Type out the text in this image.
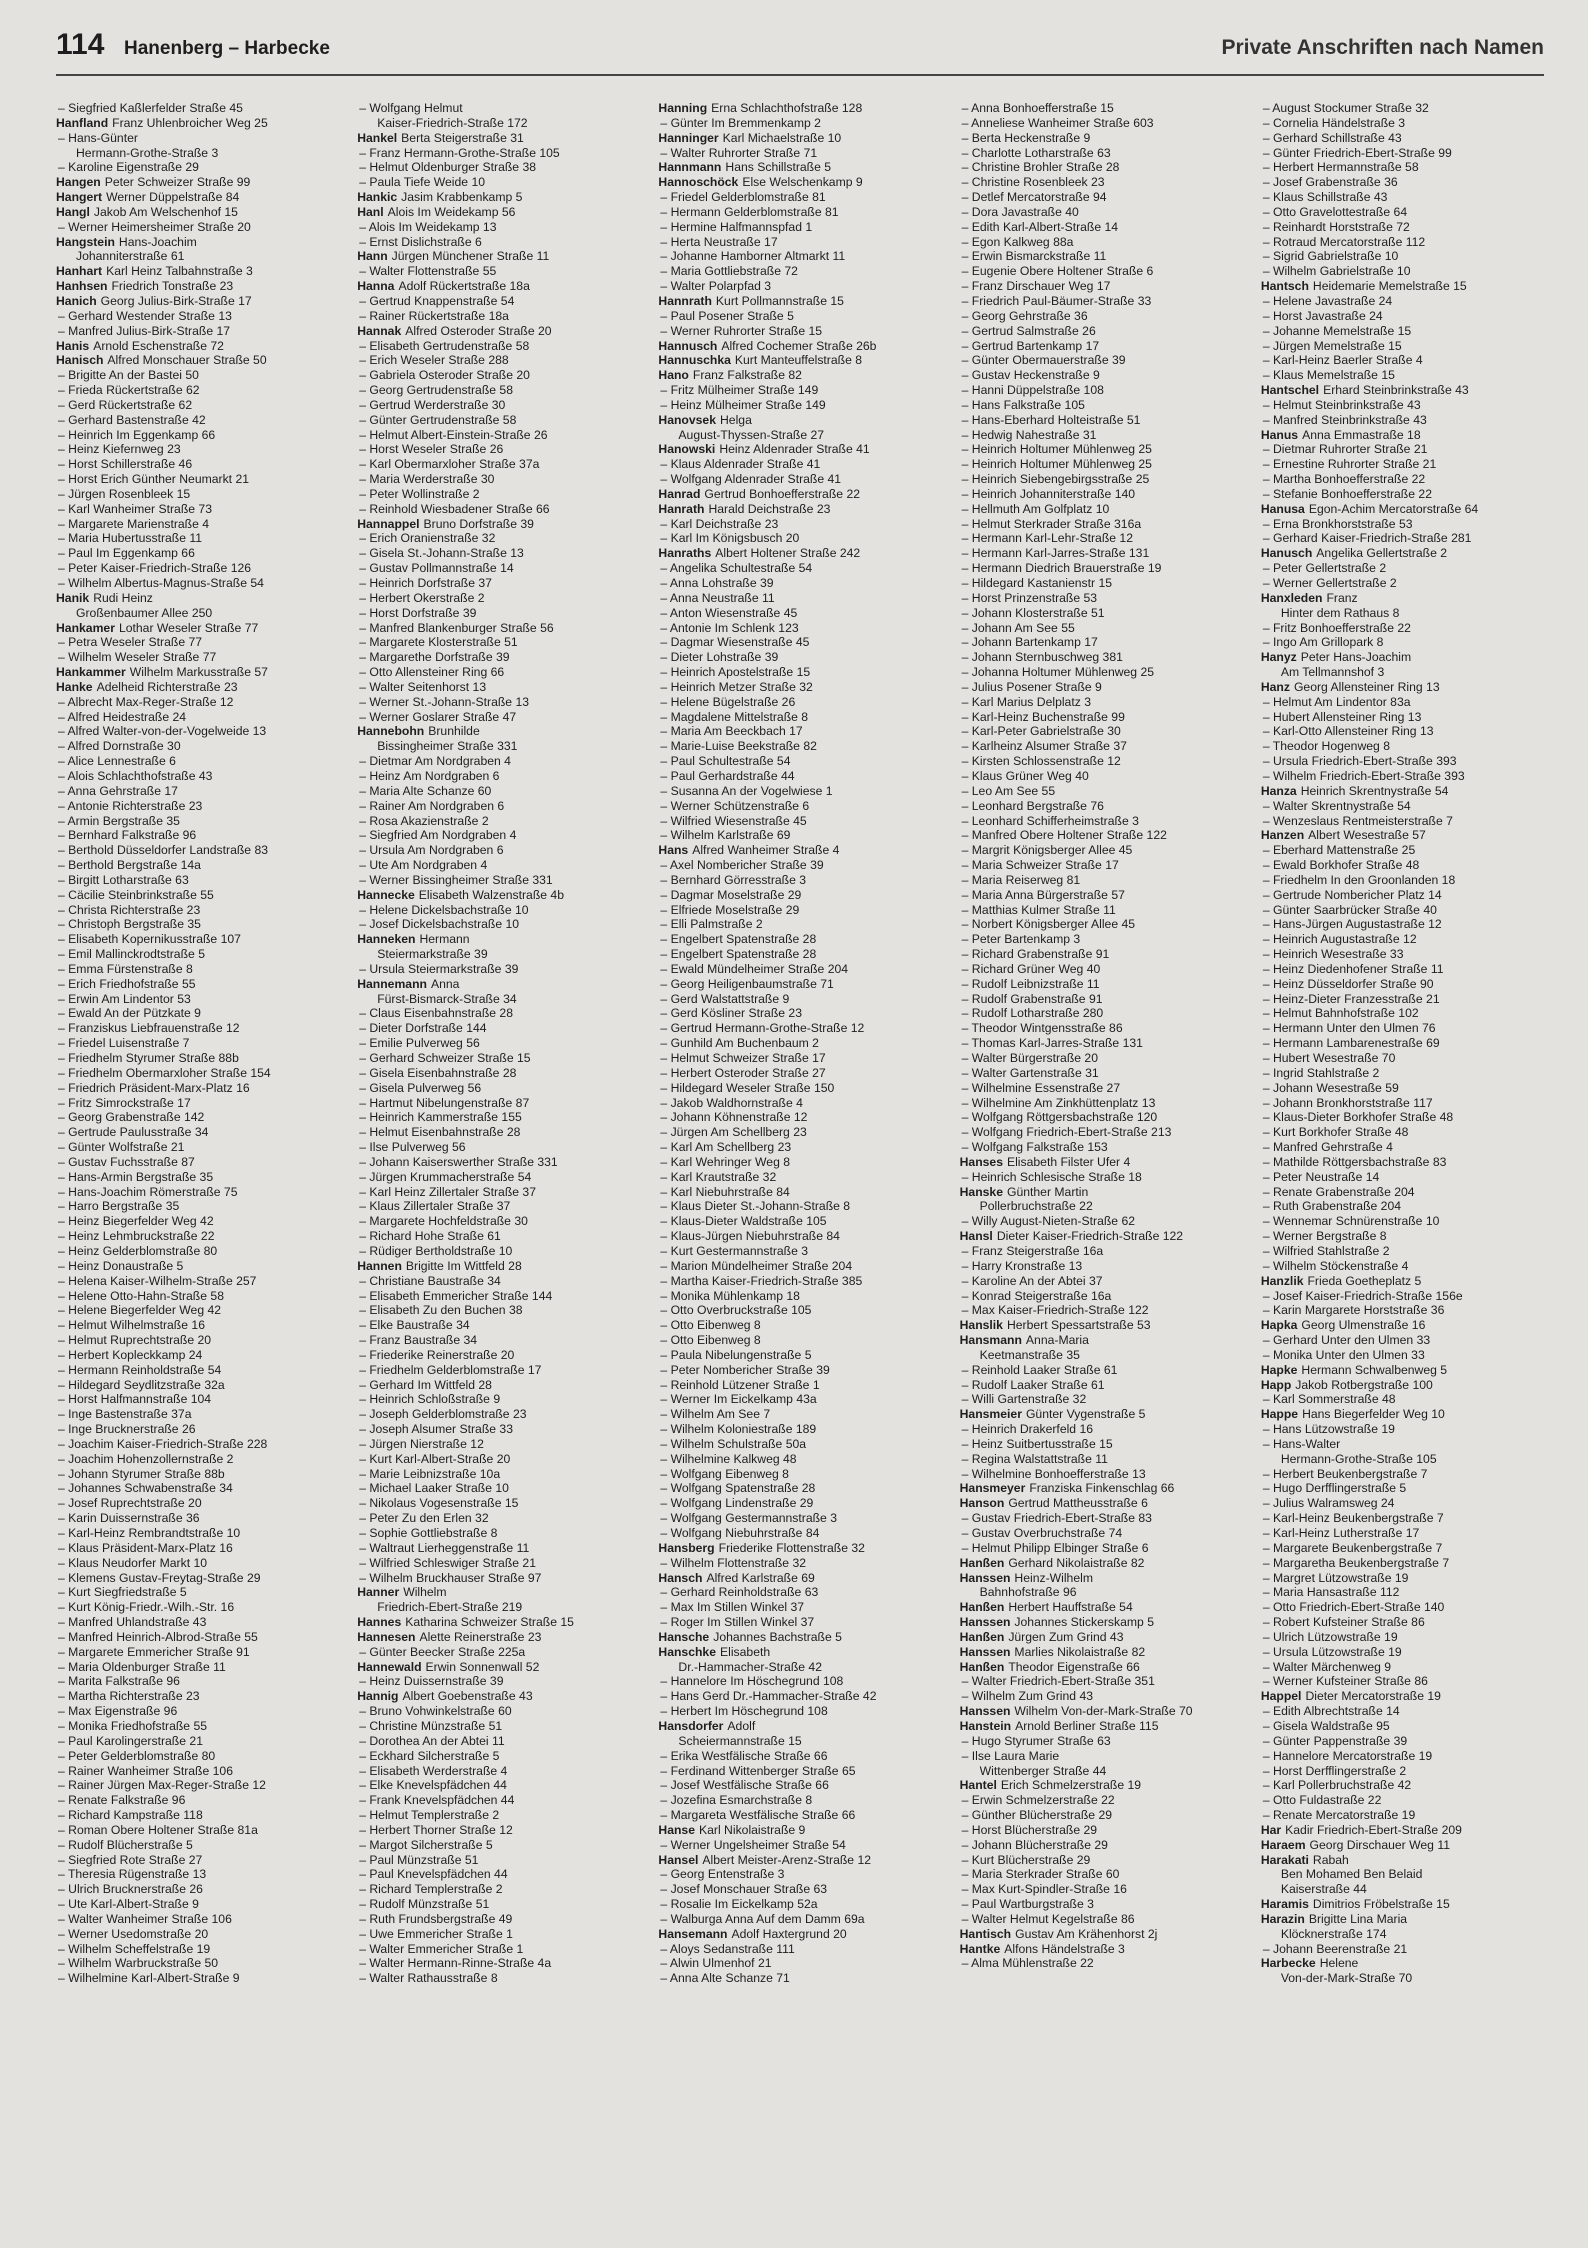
114 Hanenberg – Harbecke	Private Anschriften nach Namen
– Siegfried Kaßlerfelder Straße 45
Hanfland Franz Uhlenbroicher Weg 25
– Hans-Günter
Hermann-Grothe-Straße 3
– Karoline Eigenstraße 29
Hangen Peter Schweizer Straße 99
Hangert Werner Düppelstraße 84
Hangl Jakob Am Welschenhof 15
– Werner Heimersheimer Straße 20
Hangstein Hans-Joachim
Johanniterstraße 61
Hanhart Karl Heinz Talbahnstraße 3
Hanhsen Friedrich Tonstraße 23
Hanich Georg Julius-Birk-Straße 17
– Gerhard Westender Straße 13
– Manfred Julius-Birk-Straße 17
Hanis Arnold Eschenstraße 72
Hanisch Alfred Monschauer Straße 50
– Brigitte An der Bastei 50
– Frieda Rückertstraße 62
– Gerd Rückertstraße 62
– Gerhard Bastenstraße 42
– Heinrich Im Eggenkamp 66
– Heinz Kiefernweg 23
– Horst Schillerstraße 46
– Horst Erich Günther Neumarkt 21
– Jürgen Rosenbleek 15
– Karl Wanheimer Straße 73
– Margarete Marienstraße 4
– Maria Hubertusstraße 11
– Paul Im Eggenkamp 66
– Peter Kaiser-Friedrich-Straße 126
– Wilhelm Albertus-Magnus-Straße 54
Hanik Rudi Heinz
Großenbaumer Allee 250
Hankamer Lothar Weseler Straße 77
– Petra Weseler Straße 77
– Wilhelm Weseler Straße 77
Hankammer Wilhelm Markusstraße 57
Hanke Adelheid Richterstraße 23
– Albrecht Max-Reger-Straße 12
– Alfred Heidestraße 24
– Alfred Walter-von-der-Vogelweide 13
– Alfred Dornstraße 30
– Alice Lennestraße 6
– Alois Schlachthofstraße 43
– Anna Gehrstraße 17
– Antonie Richterstraße 23
– Armin Bergstraße 35
– Bernhard Falkstraße 96
– Berthold Düsseldorfer Landstraße 83
– Berthold Bergstraße 14a
– Birgitt Lotharstraße 63
– Cäcilie Steinbrinkstraße 55
– Christa Richterstraße 23
– Christoph Bergstraße 35
– Elisabeth Kopernikusstraße 107
– Emil Mallinckrodtstraße 5
– Emma Fürstenstraße 8
– Erich Friedhofstraße 55
– Erwin Am Lindentor 53
– Ewald An der Pützkate 9
– Franziskus Liebfrauenstraße 12
– Friedel Luisenstraße 7
– Friedhelm Styrumer Straße 88b
– Friedhelm Obermarxloher Straße 154
– Friedrich Präsident-Marx-Platz 16
– Fritz Simrockstraße 17
– Georg Grabenstraße 142
– Gertrude Paulusstraße 34
– Günter Wolfstraße 21
– Gustav Fuchsstraße 87
– Hans-Armin Bergstraße 35
– Hans-Joachim Römerstraße 75
– Harro Bergstraße 35
– Heinz Biegerfelder Weg 42
– Heinz Lehmbruckstraße 22
– Heinz Gelderblomstraße 80
– Heinz Donaustraße 5
– Helena Kaiser-Wilhelm-Straße 257
– Helene Otto-Hahn-Straße 58
– Helene Biegerfelder Weg 42
– Helmut Wilhelmstraße 16
– Helmut Ruprechtstraße 20
– Herbert Kopleckkamp 24
– Hermann Reinholdstraße 54
– Hildegard Seydlitzstraße 32a
– Horst Halfmannstraße 104
– Inge Bastenstraße 37a
– Inge Brucknerstraße 26
– Joachim Kaiser-Friedrich-Straße 228
– Joachim Hohenzollernstraße 2
– Johann Styrumer Straße 88b
– Johannes Schwabenstraße 34
– Josef Ruprechtstraße 20
– Karin Duissernstraße 36
– Karl-Heinz Rembrandtstraße 10
– Klaus Präsident-Marx-Platz 16
– Klaus Neudorfer Markt 10
– Klemens Gustav-Freytag-Straße 29
– Kurt Siegfriedstraße 5
– Kurt König-Friedr.-Wilh.-Str. 16
– Manfred Uhlandstraße 43
– Manfred Heinrich-Albrod-Straße 55
– Margarete Emmericher Straße 91
– Maria Oldenburger Straße 11
– Marita Falkstraße 96
– Martha Richterstraße 23
– Max Eigenstraße 96
– Monika Friedhofstraße 55
– Paul Karolingerstraße 21
– Peter Gelderblomstraße 80
– Rainer Wanheimer Straße 106
– Rainer Jürgen Max-Reger-Straße 12
– Renate Falkstraße 96
– Richard Kampstraße 118
– Roman Obere Holtener Straße 81a
– Rudolf Blücherstraße 5
– Siegfried Rote Straße 27
– Theresia Rügenstraße 13
– Ulrich Brucknerstraße 26
– Ute Karl-Albert-Straße 9
– Walter Wanheimer Straße 106
– Werner Usedomstraße 20
– Wilhelm Scheffelstraße 19
– Wilhelm Warbruckstraße 50
– Wilhelmine Karl-Albert-Straße 9
– Wolfgang Helmut
Kaiser-Friedrich-Straße 172
Hankel Berta Steigerstraße 31
– Franz Hermann-Grothe-Straße 105
– Helmut Oldenburger Straße 38
– Paula Tiefe Weide 10
Hankic Jasim Krabbenkamp 5
Hanl Alois Im Weidekamp 56
– Alois Im Weidekamp 13
– Ernst Dislichstraße 6
Hann Jürgen Münchener Straße 11
– Walter Flottenstraße 55
Hanna Adolf Rückertstraße 18a
– Gertrud Knappenstraße 54
– Rainer Rückertstraße 18a
Hannak Alfred Osteroder Straße 20
– Elisabeth Gertrudenstraße 58
– Erich Weseler Straße 288
– Gabriela Osteroder Straße 20
– Georg Gertrudenstraße 58
– Gertrud Werderstraße 30
– Günter Gertrudenstraße 58
– Helmut Albert-Einstein-Straße 26
– Horst Weseler Straße 26
– Karl Obermarxloher Straße 37a
– Maria Werderstraße 30
– Peter Wollinstraße 2
– Reinhold Wiesbadener Straße 66
Hannappel Bruno Dorfstraße 39
– Erich Oranienstraße 32
– Gisela St.-Johann-Straße 13
– Gustav Pollmannstraße 14
– Heinrich Dorfstraße 37
– Herbert Okerstraße 2
– Horst Dorfstraße 39
– Manfred Blankenburger Straße 56
– Margarete Klosterstraße 51
– Margarethe Dorfstraße 39
– Otto Allensteiner Ring 66
– Walter Seitenhorst 13
– Werner St.-Johann-Straße 13
– Werner Goslarer Straße 47
Hannebohn Brunhilde
Bissingheimer Straße 331
– Dietmar Am Nordgraben 4
– Heinz Am Nordgraben 6
– Maria Alte Schanze 60
– Rainer Am Nordgraben 6
– Rosa Akazienstraße 2
– Siegfried Am Nordgraben 4
– Ursula Am Nordgraben 6
– Ute Am Nordgraben 4
– Werner Bissingheimer Straße 331
Hannecke Elisabeth Walzenstraße 4b
– Helene Dickelsbachstraße 10
– Josef Dickelsbachstraße 10
Hanneken Hermann
Steiermarkstraße 39
– Ursula Steiermarkstraße 39
Hannemann Anna
Fürst-Bismarck-Straße 34
– Claus Eisenbahnstraße 28
– Dieter Dorfstraße 144
– Emilie Pulverweg 56
– Gerhard Schweizer Straße 15
– Gisela Eisenbahnstraße 28
– Gisela Pulverweg 56
– Hartmut Nibelungenstraße 87
– Heinrich Kammerstraße 155
– Helmut Eisenbahnstraße 28
– Ilse Pulverweg 56
– Johann Kaiserswerther Straße 331
– Jürgen Krummacherstraße 54
– Karl Heinz Zillertaler Straße 37
– Klaus Zillertaler Straße 37
– Margarete Hochfeldstraße 30
– Richard Hohe Straße 61
– Rüdiger Bertholdstraße 10
Hannen Brigitte Im Wittfeld 28
– Christiane Baustraße 34
– Elisabeth Emmericher Straße 144
– Elisabeth Zu den Buchen 38
– Elke Baustraße 34
– Franz Baustraße 34
– Friederike Reinerstraße 20
– Friedhelm Gelderblomstraße 17
– Gerhard Im Wittfeld 28
– Heinrich Schloßstraße 9
– Joseph Gelderblomstraße 23
– Joseph Alsumer Straße 33
– Jürgen Nierstraße 12
– Kurt Karl-Albert-Straße 20
– Marie Leibnizstraße 10a
– Michael Laaker Straße 10
– Nikolaus Vogesenstraße 15
– Peter Zu den Erlen 32
– Sophie Gottliebstraße 8
– Waltraut Lierheggenstraße 11
– Wilfried Schleswiger Straße 21
– Wilhelm Bruckhauser Straße 97
Hanner Wilhelm
Friedrich-Ebert-Straße 219
Hannes Katharina Schweizer Straße 15
Hannesen Alette Reinerstraße 23
– Günter Beecker Straße 225a
Hannewald Erwin Sonnenwall 52
– Heinz Duissernstraße 39
Hannig Albert Goebenstraße 43
– Bruno Vohwinkelstraße 60
– Christine Münzstraße 51
– Dorothea An der Abtei 11
– Eckhard Silcherstraße 5
– Elisabeth Werderstraße 4
– Elke Knevelspfädchen 44
– Frank Knevelspfädchen 44
– Helmut Templerstraße 2
– Herbert Thorner Straße 12
– Margot Silcherstraße 5
– Paul Münzstraße 51
– Paul Knevelspfädchen 44
– Richard Templerstraße 2
– Rudolf Münzstraße 51
– Ruth Frundsbergstraße 49
– Uwe Emmericher Straße 1
– Walter Emmericher Straße 1
– Walter Hermann-Rinne-Straße 4a
– Walter Rathausstraße 8
Hanning Erna Schlachthofstraße 128
– Günter Im Bremmenkamp 2
Hanninger Karl Michaelstraße 10
– Walter Ruhrorter Straße 71
Hannmann Hans Schillstraße 5
Hannoschöck Else Welschenkamp 9
– Friedel Gelderblomstraße 81
– Hermann Gelderblomstraße 81
– Hermine Halfmannspfad 1
– Herta Neustraße 17
– Johanne Hamborner Altmarkt 11
– Maria Gottliebstraße 72
– Walter Polarpfad 3
Hannrath Kurt Pollmannstraße 15
– Paul Posener Straße 5
– Werner Ruhrorter Straße 15
Hannusch Alfred Cochemer Straße 26b
Hannuschka Kurt Manteuffelstraße 8
Hano Franz Falkstraße 82
– Fritz Mülheimer Straße 149
– Heinz Mülheimer Straße 149
Hanovsek Helga
August-Thyssen-Straße 27
Hanowski Heinz Aldenrader Straße 41
– Klaus Aldenrader Straße 41
– Wolfgang Aldenrader Straße 41
Hanrad Gertrud Bonhoefferstraße 22
Hanrath Harald Deichstraße 23
– Karl Deichstraße 23
– Karl Im Königsbusch 20
Hanraths Albert Holtener Straße 242
– Angelika Schultestraße 54
– Anna Lohstraße 39
– Anna Neustraße 11
– Anton Wiesenstraße 45
– Antonie Im Schlenk 123
– Dagmar Wiesenstraße 45
– Dieter Lohstraße 39
– Heinrich Apostelstraße 15
– Heinrich Metzer Straße 32
– Helene Bügelstraße 26
– Magdalene Mittelstraße 8
– Maria Am Beeckbach 17
– Marie-Luise Beekstraße 82
– Paul Schultestraße 54
– Paul Gerhardstraße 44
– Susanna An der Vogelwiese 1
– Werner Schützenstraße 6
– Wilfried Wiesenstraße 45
– Wilhelm Karlstraße 69
Hans Alfred Wanheimer Straße 4
– Axel Nombericher Straße 39
– Bernhard Görresstraße 3
– Dagmar Moselstraße 29
– Elfriede Moselstraße 29
– Elli Palmstraße 2
– Engelbert Spatenstraße 28
– Engelbert Spatenstraße 28
– Ewald Mündelheimer Straße 204
– Georg Heiligenbaumstraße 71
– Gerd Walstattstraße 9
– Gerd Kösliner Straße 23
– Gertrud Hermann-Grothe-Straße 12
– Gunhild Am Buchenbaum 2
– Helmut Schweizer Straße 17
– Herbert Osteroder Straße 27
– Hildegard Weseler Straße 150
– Jakob Waldhornstraße 4
– Johann Köhnenstraße 12
– Jürgen Am Schellberg 23
– Karl Am Schellberg 23
– Karl Wehringer Weg 8
– Karl Krautstraße 32
– Karl Niebuhrstraße 84
– Klaus Dieter St.-Johann-Straße 8
– Klaus-Dieter Waldstraße 105
– Klaus-Jürgen Niebuhrstraße 84
– Kurt Gestermannstraße 3
– Marion Mündelheimer Straße 204
– Martha Kaiser-Friedrich-Straße 385
– Monika Mühlenkamp 18
– Otto Overbruckstraße 105
– Otto Eibenweg 8
– Otto Eibenweg 8
– Paula Nibelungenstraße 5
– Peter Nombericher Straße 39
– Reinhold Lützener Straße 1
– Werner Im Eickelkamp 43a
– Wilhelm Am See 7
– Wilhelm Koloniestraße 189
– Wilhelm Schulstraße 50a
– Wilhelmine Kalkweg 48
– Wolfgang Eibenweg 8
– Wolfgang Spatenstraße 28
– Wolfgang Lindenstraße 29
– Wolfgang Gestermannstraße 3
– Wolfgang Niebuhrstraße 84
Hansberg Friederike Flottenstraße 32
– Wilhelm Flottenstraße 32
Hansch Alfred Karlstraße 69
– Gerhard Reinholdstraße 63
– Max Im Stillen Winkel 37
– Roger Im Stillen Winkel 37
Hansche Johannes Bachstraße 5
Hanschke Elisabeth
Dr.-Hammacher-Straße 42
– Hannelore Im Höschegrund 108
– Hans Gerd Dr.-Hammacher-Straße 42
– Herbert Im Höschegrund 108
Hansdorfer Adolf
Scheiermannstraße 15
– Erika Westfälische Straße 66
– Ferdinand Wittenberger Straße 65
– Josef Westfälische Straße 66
– Jozefina Esmarchstraße 8
– Margareta Westfälische Straße 66
Hanse Karl Nikolaistraße 9
– Werner Ungelsheimer Straße 54
Hansel Albert Meister-Arenz-Straße 12
– Georg Entenstraße 3
– Josef Monschauer Straße 63
– Rosalie Im Eickelkamp 52a
– Walburga Anna Auf dem Damm 69a
Hansemann Adolf Haxtergrund 20
– Aloys Sedanstraße 111
– Alwin Ulmenhof 21
– Anna Alte Schanze 71
– Anna Bonhoefferstraße 15
– Anneliese Wanheimer Straße 603
– Berta Heckenstraße 9
– Charlotte Lotharstraße 63
– Christine Brohler Straße 28
– Christine Rosenbleek 23
– Detlef Mercatorstraße 94
– Dora Javastraße 40
– Edith Karl-Albert-Straße 14
– Egon Kalkweg 88a
– Erwin Bismarckstraße 11
– Eugenie Obere Holtener Straße 6
– Franz Dirschauer Weg 17
– Friedrich Paul-Bäumer-Straße 33
– Georg Gehrstraße 36
– Gertrud Salmstraße 26
– Gertrud Bartenkamp 17
– Günter Obermauerstraße 39
– Gustav Heckenstraße 9
– Hanni Düppelstraße 108
– Hans Falkstraße 105
– Hans-Eberhard Holteistraße 51
– Hedwig Nahestraße 31
– Heinrich Holtumer Mühlenweg 25
– Heinrich Holtumer Mühlenweg 25
– Heinrich Siebengebirgsstraße 25
– Heinrich Johanniterstraße 140
– Hellmuth Am Golfplatz 10
– Helmut Sterkrader Straße 316a
– Hermann Karl-Lehr-Straße 12
– Hermann Karl-Jarres-Straße 131
– Hermann Diedrich Brauerstraße 19
– Hildegard Kastanienstr 15
– Horst Prinzenstraße 53
– Johann Klosterstraße 51
– Johann Am See 55
– Johann Bartenkamp 17
– Johann Sternbuschweg 381
– Johanna Holtumer Mühlenweg 25
– Julius Posener Straße 9
– Karl Marius Delplatz 3
– Karl-Heinz Buchenstraße 99
– Karl-Peter Gabrielstraße 30
– Karlheinz Alsumer Straße 37
– Kirsten Schlossenstraße 12
– Klaus Grüner Weg 40
– Leo Am See 55
– Leonhard Bergstraße 76
– Leonhard Schifferheimstraße 3
– Manfred Obere Holtener Straße 122
– Margrit Königsberger Allee 45
– Maria Schweizer Straße 17
– Maria Reiserweg 81
– Maria Anna Bürgerstraße 57
– Matthias Kulmer Straße 11
– Norbert Königsberger Allee 45
– Peter Bartenkamp 3
– Richard Grabenstraße 91
– Richard Grüner Weg 40
– Rudolf Leibnizstraße 11
– Rudolf Grabenstraße 91
– Rudolf Lotharstraße 280
– Theodor Wintgensstraße 86
– Thomas Karl-Jarres-Straße 131
– Walter Bürgerstraße 20
– Walter Gartenstraße 31
– Wilhelmine Essenstraße 27
– Wilhelmine Am Zinkhüttenplatz 13
– Wolfgang Röttgersbachstraße 120
– Wolfgang Friedrich-Ebert-Straße 213
– Wolfgang Falkstraße 153
Hanses Elisabeth Filster Ufer 4
– Heinrich Schlesische Straße 18
Hanske Günther Martin
Pollerbruchstraße 22
– Willy August-Nieten-Straße 62
Hansl Dieter Kaiser-Friedrich-Straße 122
– Franz Steigerstraße 16a
– Harry Kronstraße 13
– Karoline An der Abtei 37
– Konrad Steigerstraße 16a
– Max Kaiser-Friedrich-Straße 122
Hanslik Herbert Spessartstraße 53
Hansmann Anna-Maria
Keetmanstraße 35
– Reinhold Laaker Straße 61
– Rudolf Laaker Straße 61
– Willi Gartenstraße 32
Hansmeier Günter Vygenstraße 5
– Heinrich Drakerfeld 16
– Heinz Suitbertusstraße 15
– Regina Walstattstraße 11
– Wilhelmine Bonhoefferstraße 13
Hansmeyer Franziska Finkenschlag 66
Hanson Gertrud Mattheusstraße 6
– Gustav Friedrich-Ebert-Straße 83
– Gustav Overbruchstraße 74
– Helmut Philipp Elbinger Straße 6
Hanßen Gerhard Nikolaistraße 82
Hanssen Heinz-Wilhelm
Bahnhofstraße 96
Hanßen Herbert Hauffstraße 54
Hanssen Johannes Stickerskamp 5
Hanßen Jürgen Zum Grind 43
Hanssen Marlies Nikolaistraße 82
Hanßen Theodor Eigenstraße 66
– Walter Friedrich-Ebert-Straße 351
– Wilhelm Zum Grind 43
Hanssen Wilhelm Von-der-Mark-Straße 70
Hanstein Arnold Berliner Straße 115
– Hugo Styrumer Straße 63
– Ilse Laura Marie
Wittenberger Straße 44
Hantel Erich Schmelzerstraße 19
– Erwin Schmelzerstraße 22
– Günther Blücherstraße 29
– Horst Blücherstraße 29
– Johann Blücherstraße 29
– Kurt Blücherstraße 29
– Maria Sterkrader Straße 60
– Max Kurt-Spindler-Straße 16
– Paul Wartburgstraße 3
– Walter Helmut Kegelstraße 86
Hantisch Gustav Am Krähenhorst 2j
Hantke Alfons Händelstraße 3
– Alma Mühlenstraße 22
– August Stockumer Straße 32
– Cornelia Händelstraße 3
– Gerhard Schillstraße 43
– Günter Friedrich-Ebert-Straße 99
– Herbert Hermannstraße 58
– Josef Grabenstraße 36
– Klaus Schillstraße 43
– Otto Gravelottestraße 64
– Reinhardt Horststraße 72
– Rotraud Mercatorstraße 112
– Sigrid Gabrielstraße 10
– Wilhelm Gabrielstraße 10
Hantsch Heidemarie Memelstraße 15
– Helene Javastraße 24
– Horst Javastraße 24
– Johanne Memelstraße 15
– Jürgen Memelstraße 15
– Karl-Heinz Baerler Straße 4
– Klaus Memelstraße 15
Hantschel Erhard Steinbrinkstraße 43
– Helmut Steinbrinkstraße 43
– Manfred Steinbrinkstraße 43
Hanus Anna Emmastraße 18
– Dietmar Ruhrorter Straße 21
– Ernestine Ruhrorter Straße 21
– Martha Bonhoefferstraße 22
– Stefanie Bonhoefferstraße 22
Hanusa Egon-Achim Mercatorstraße 64
– Erna Bronkhorststraße 53
– Gerhard Kaiser-Friedrich-Straße 281
Hanusch Angelika Gellertstraße 2
– Peter Gellertstraße 2
– Werner Gellertstraße 2
Hanxleden Franz
Hinter dem Rathaus 8
– Fritz Bonhoefferstraße 22
– Ingo Am Grillopark 8
Hanyz Peter Hans-Joachim
Am Tellmannshof 3
Hanz Georg Allensteiner Ring 13
– Helmut Am Lindentor 83a
– Hubert Allensteiner Ring 13
– Karl-Otto Allensteiner Ring 13
– Theodor Hogenweg 8
– Ursula Friedrich-Ebert-Straße 393
– Wilhelm Friedrich-Ebert-Straße 393
Hanza Heinrich Skrentnystraße 54
– Walter Skrentnystraße 54
– Wenzeslaus Rentmeisterstraße 7
Hanzen Albert Wesestraße 57
– Eberhard Mattenstraße 25
– Ewald Borkhofer Straße 48
– Friedhelm In den Groonlanden 18
– Gertrude Nombericher Platz 14
– Günter Saarbrücker Straße 40
– Hans-Jürgen Augustastraße 12
– Heinrich Augustastraße 12
– Heinrich Wesestraße 33
– Heinz Diedenhofener Straße 11
– Heinz Düsseldorfer Straße 90
– Heinz-Dieter Franzesstraße 21
– Helmut Bahnhofstraße 102
– Hermann Unter den Ulmen 76
– Hermann Lambarenestraße 69
– Hubert Wesestraße 70
– Ingrid Stahlstraße 2
– Johann Wesestraße 59
– Johann Bronkhorststraße 117
– Klaus-Dieter Borkhofer Straße 48
– Kurt Borkhofer Straße 48
– Manfred Gehrstraße 4
– Mathilde Röttgersbachstraße 83
– Peter Neustraße 14
– Renate Grabenstraße 204
– Ruth Grabenstraße 204
– Wennemar Schnürenstraße 10
– Werner Bergstraße 8
– Wilfried Stahlstraße 2
– Wilhelm Stöckenstraße 4
Hanzlik Frieda Goetheplatz 5
– Josef Kaiser-Friedrich-Straße 156e
– Karin Margarete Horststraße 36
Hapka Georg Ulmenstraße 16
– Gerhard Unter den Ulmen 33
– Monika Unter den Ulmen 33
Hapke Hermann Schwalbenweg 5
Happ Jakob Rotbergstraße 100
– Karl Sommerstraße 48
Happe Hans Biegerfelder Weg 10
– Hans Lützowstraße 19
– Hans-Walter
Hermann-Grothe-Straße 105
– Herbert Beukenbergstraße 7
– Hugo Derfflingerstraße 5
– Julius Walramsweg 24
– Karl-Heinz Beukenbergstraße 7
– Karl-Heinz Lutherstraße 17
– Margarete Beukenbergstraße 7
– Margaretha Beukenbergstraße 7
– Margret Lützowstraße 19
– Maria Hansastraße 112
– Otto Friedrich-Ebert-Straße 140
– Robert Kufsteiner Straße 86
– Ulrich Lützowstraße 19
– Ursula Lützowstraße 19
– Walter Märchenweg 9
– Werner Kufsteiner Straße 86
Happel Dieter Mercatorstraße 19
– Edith Albrechtstraße 14
– Gisela Waldstraße 95
– Günter Pappenstraße 39
– Hannelore Mercatorstraße 19
– Horst Derfflingerstraße 2
– Karl Pollerbruchstraße 42
– Otto Fuldastraße 22
– Renate Mercatorstraße 19
Har Kadir Friedrich-Ebert-Straße 209
Haraem Georg Dirschauer Weg 11
Harakati Rabah
Ben Mohamed Ben Belaid
Kaiserstraße 44
Haramis Dimitrios Fröbelstraße 15
Harazin Brigitte Lina Maria
Klöcknerstraße 174
– Johann Beerenstraße 21
Harbecke Helene
Von-der-Mark-Straße 70
